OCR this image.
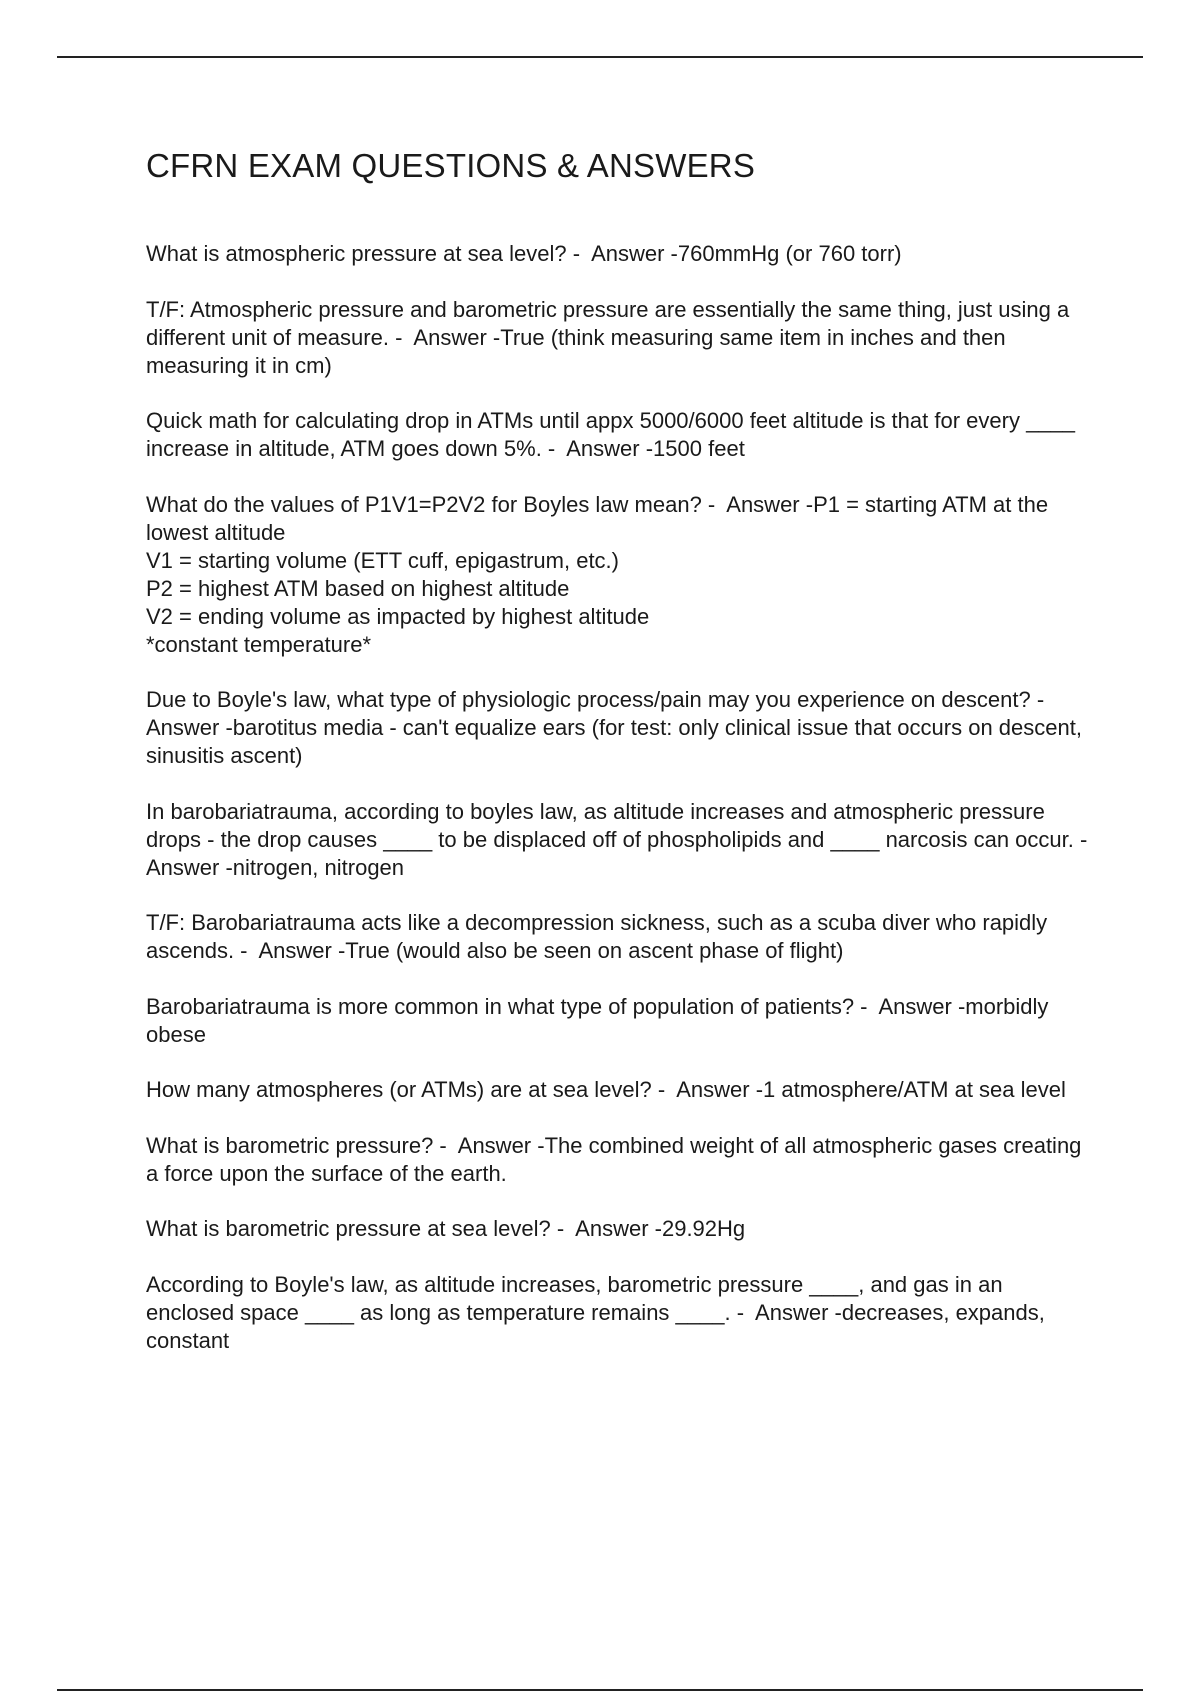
CFRN EXAM QUESTIONS & ANSWERS

What is atmospheric pressure at sea level? -  Answer -760mmHg (or 760 torr)

T/F: Atmospheric pressure and barometric pressure are essentially the same thing, just using a different unit of measure. -  Answer -True (think measuring same item in inches and then measuring it in cm)

Quick math for calculating drop in ATMs until appx 5000/6000 feet altitude is that for every ____ increase in altitude, ATM goes down 5%. -  Answer -1500 feet

What do the values of P1V1=P2V2 for Boyles law mean? -  Answer -P1 = starting ATM at the lowest altitude
V1 = starting volume (ETT cuff, epigastrum, etc.)
P2 = highest ATM based on highest altitude
V2 = ending volume as impacted by highest altitude
*constant temperature*

Due to Boyle's law, what type of physiologic process/pain may you experience on descent? -  Answer -barotitus media - can't equalize ears (for test: only clinical issue that occurs on descent, sinusitis ascent)

In barobariatrauma, according to boyles law, as altitude increases and atmospheric pressure drops - the drop causes ____ to be displaced off of phospholipids and ____ narcosis can occur. -  Answer -nitrogen, nitrogen

T/F: Barobariatrauma acts like a decompression sickness, such as a scuba diver who rapidly ascends. -  Answer -True (would also be seen on ascent phase of flight)

Barobariatrauma is more common in what type of population of patients? -  Answer -morbidly obese

How many atmospheres (or ATMs) are at sea level? -  Answer -1 atmosphere/ATM at sea level

What is barometric pressure? -  Answer -The combined weight of all atmospheric gases creating a force upon the surface of the earth.

What is barometric pressure at sea level? -  Answer -29.92Hg

According to Boyle's law, as altitude increases, barometric pressure ____, and gas in an enclosed space ____ as long as temperature remains ____. -  Answer -decreases, expands, constant
